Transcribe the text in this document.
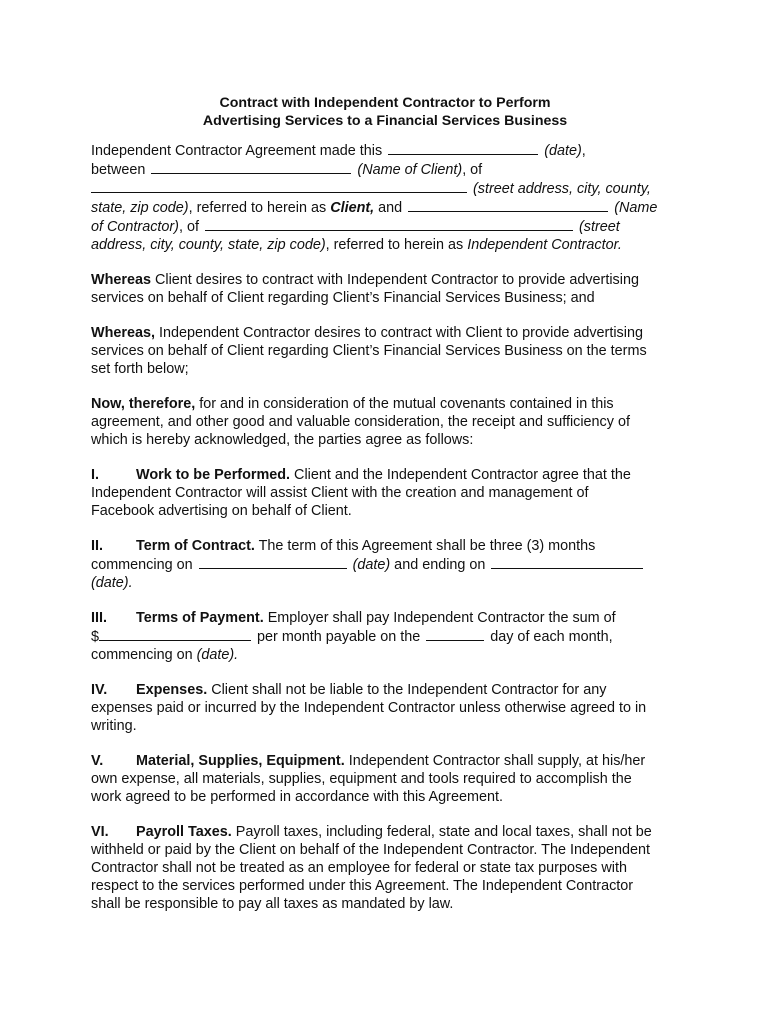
Contract with Independent Contractor to Perform
Advertising Services to a Financial Services Business

Independent Contractor Agreement made this	(date),
between	(Name of Client), of
(street address, city, county,
state, zip code), referred to herein as Client, and	(Name
of Contractor), of	(street
address, city, county, state, zip code), referred to herein as Independent Contractor.

Whereas Client desires to contract with Independent Contractor to provide advertising
services on behalf of Client regarding Client’s Financial Services Business; and

Whereas, Independent Contractor desires to contract with Client to provide advertising
services on behalf of Client regarding Client’s Financial Services Business on the terms
set forth below;

Now, therefore, for and in consideration of the mutual covenants contained in this
agreement, and other good and valuable consideration, the receipt and sufficiency of
which is hereby acknowledged, the parties agree as follows:

I.	Work to be Performed. Client and the Independent Contractor agree that the
Independent Contractor will assist Client with the creation and management of
Facebook advertising on behalf of Client.

II. Term of Contract. The term of this Agreement shall be three (3) months
commencing on	(date) and ending on
(date).

III. Terms of Payment. Employer shall pay Independent Contractor the sum of
$	per month payable on the	day of each month,
commencing on (date).

IV. Expenses. Client shall not be liable to the Independent Contractor for any
expenses paid or incurred by the Independent Contractor unless otherwise agreed to in
writing.

V. Material, Supplies, Equipment. Independent Contractor shall supply, at his/her
own expense, all materials, supplies, equipment and tools required to accomplish the
work agreed to be performed in accordance with this Agreement.

VI. Payroll Taxes. Payroll taxes, including federal, state and local taxes, shall not be
withheld or paid by the Client on behalf of the Independent Contractor. The Independent
Contractor shall not be treated as an employee for federal or state tax purposes with
respect to the services performed under this Agreement. The Independent Contractor
shall be responsible to pay all taxes as mandated by law.
